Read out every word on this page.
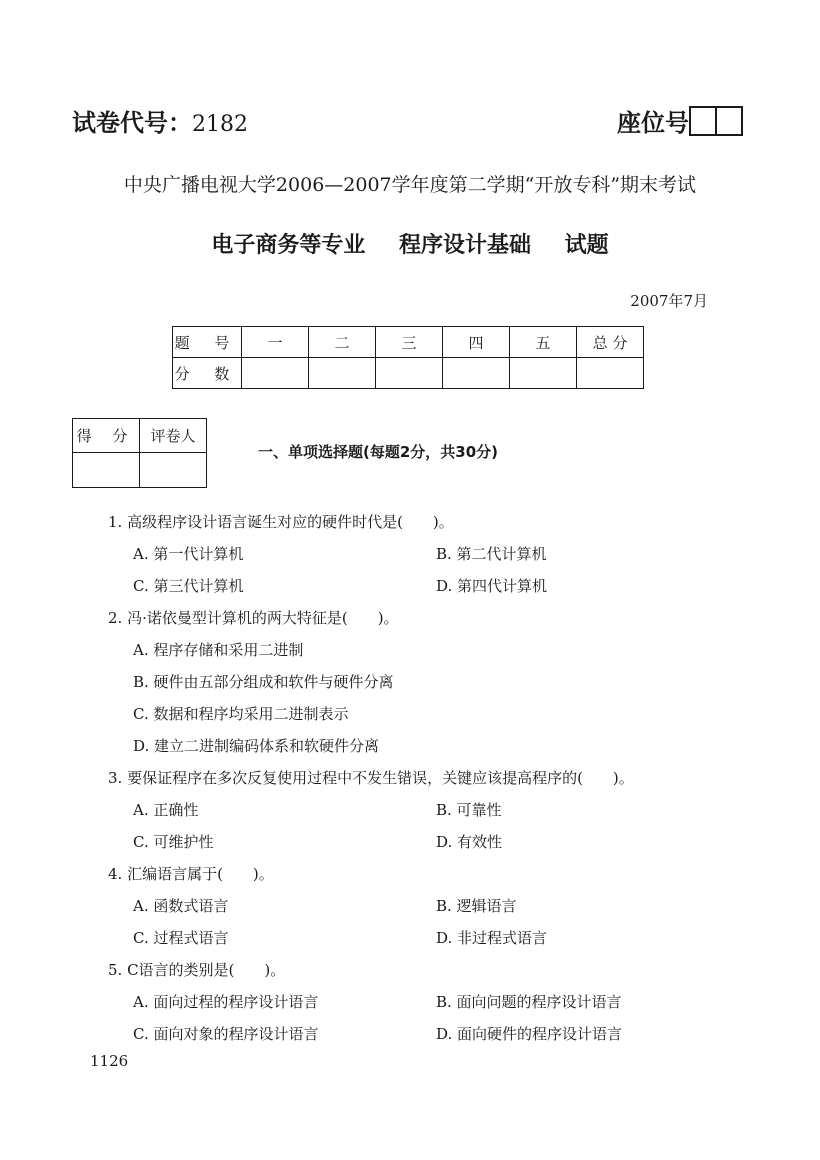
试卷代号：2182	座位号
中央广播电视大学2006—2007学年度第二学期“开放专科”期末考试
电子商务等专业 程序设计基础 试题
2007年7月
题 号	一	二	三	四	五	总 分
分 数						
得 分	评卷人

一、单项选择题(每题2分，共30分)
1. 高级程序设计语言诞生对应的硬件时代是(　　)。
A. 第一代计算机	B. 第二代计算机
C. 第三代计算机	D. 第四代计算机
2. 冯·诺依曼型计算机的两大特征是(　　)。
A. 程序存储和采用二进制
B. 硬件由五部分组成和软件与硬件分离
C. 数据和程序均采用二进制表示
D. 建立二进制编码体系和软硬件分离
3. 要保证程序在多次反复使用过程中不发生错误，关键应该提高程序的(　　)。
A. 正确性	B. 可靠性
C. 可维护性	D. 有效性
4. 汇编语言属于(　　)。
A. 函数式语言	B. 逻辑语言
C. 过程式语言	D. 非过程式语言
5. C语言的类别是(　　)。
A. 面向过程的程序设计语言	B. 面向问题的程序设计语言
C. 面向对象的程序设计语言	D. 面向硬件的程序设计语言
1126
